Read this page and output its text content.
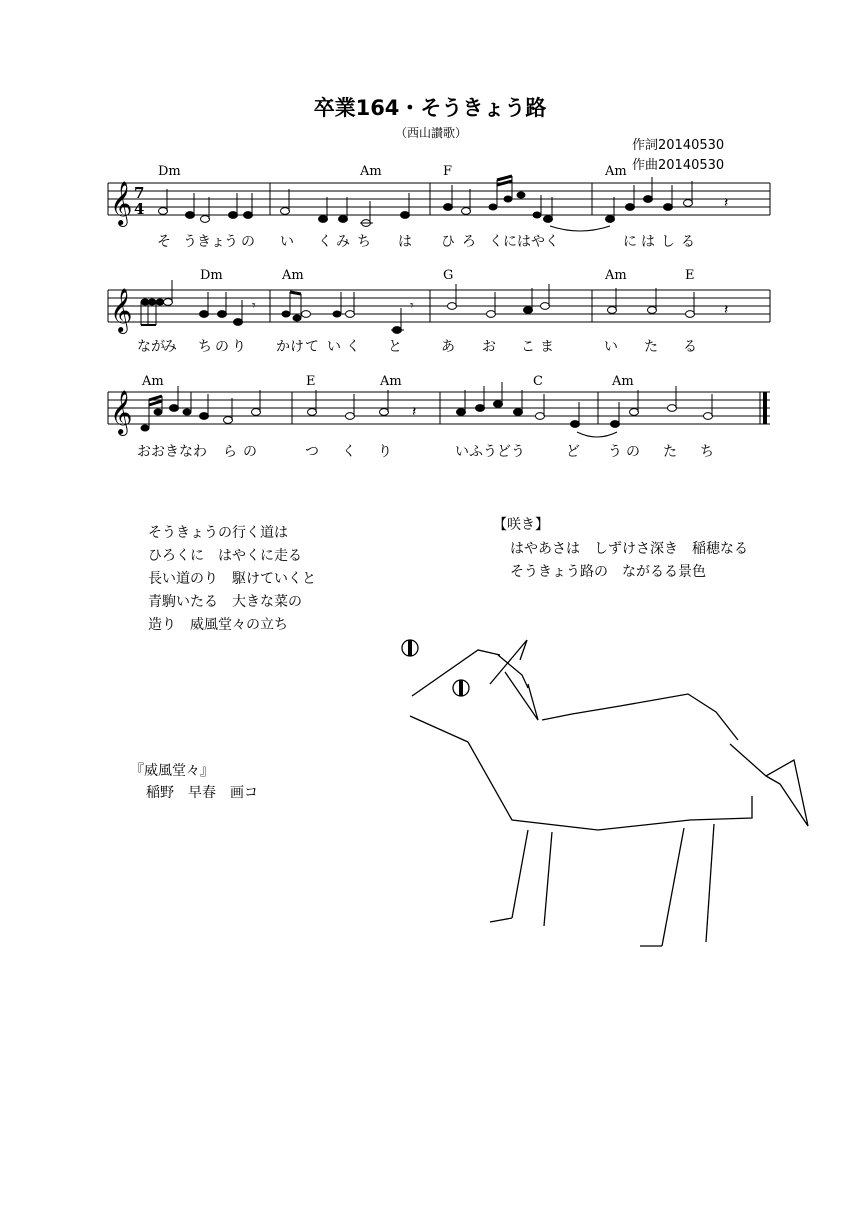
卒業164・そうきょう路
（西山讃歌）
作詞20140530
作曲20140530
𝄞
𝄞
𝄞
7
4	𝄽
𝄾	𝄾	𝄽
𝄽
Dm	Am	F	Am
Dm	Am	G	Am	E
Am	E	Am	C	Am
そ うきょ う の い く み ち は ひ ろ くにはやく	に は し る
なが
み ち の り かけ て い く と	あ お こ ま	い た る
おおきなわ ら の	つ く り	いふうどう	ど う の た ち
そうきょうの行く道は
ひろくに　はやくに走る
長い道のり　駆けていくと
青駒いたる　大きな菜の
造り　威風堂々の立ち
【咲き】
はやあさは　しずけさ深き　稲穂なる
そうきょう路の　ながるる景色
『威風堂々』
稲野　早春　画コ
